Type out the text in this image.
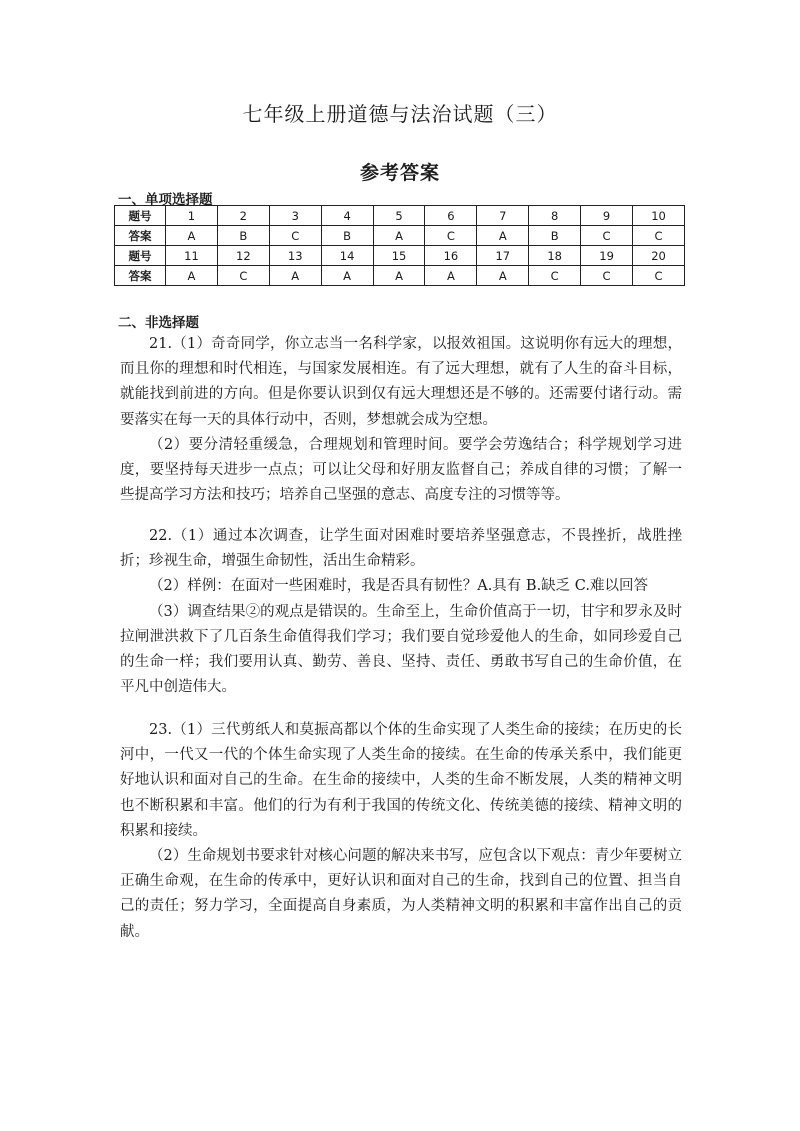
七年级上册道德与法治试题（三）
参考答案
一、单项选择题
题号	1	2	3	4	5	6	7	8	9	10
答案	A	B	C	B	A	C	A	B	C	C
题号	11	12	13	14	15	16	17	18	19	20
答案	A	C	A	A	A	A	A	C	C	C
二、非选择题

21.（1）奇奇同学，你立志当一名科学家，以报效祖国。这说明你有远大的理想，而且你的理想和时代相连，与国家发展相连。有了远大理想，就有了人生的奋斗目标，就能找到前进的方向。但是你要认识到仅有远大理想还是不够的。还需要付诸行动。需要落实在每一天的具体行动中，否则，梦想就会成为空想。

（2）要分清轻重缓急，合理规划和管理时间。要学会劳逸结合；科学规划学习进度，要坚持每天进步一点点；可以让父母和好朋友监督自己；养成自律的习惯；了解一些提高学习方法和技巧；培养自己坚强的意志、高度专注的习惯等等。

22.（1）通过本次调查，让学生面对困难时要培养坚强意志，不畏挫折，战胜挫折；珍视生命，增强生命韧性，活出生命精彩。

（2）样例：在面对一些困难时，我是否具有韧性？A.具有 B.缺乏 C.难以回答

（3）调查结果②的观点是错误的。生命至上，生命价值高于一切，甘宇和罗永及时拉闸泄洪救下了几百条生命值得我们学习；我们要自觉珍爱他人的生命，如同珍爱自己的生命一样；我们要用认真、勤劳、善良、坚持、责任、勇敢书写自己的生命价值，在平凡中创造伟大。

23.（1）三代剪纸人和莫振高都以个体的生命实现了人类生命的接续；在历史的长河中，一代又一代的个体生命实现了人类生命的接续。在生命的传承关系中，我们能更好地认识和面对自己的生命。在生命的接续中，人类的生命不断发展，人类的精神文明也不断积累和丰富。他们的行为有利于我国的传统文化、传统美德的接续、精神文明的积累和接续。

（2）生命规划书要求针对核心问题的解决来书写，应包含以下观点：青少年要树立正确生命观，在生命的传承中，更好认识和面对自己的生命，找到自己的位置、担当自己的责任；努力学习，全面提高自身素质，为人类精神文明的积累和丰富作出自己的贡献。
